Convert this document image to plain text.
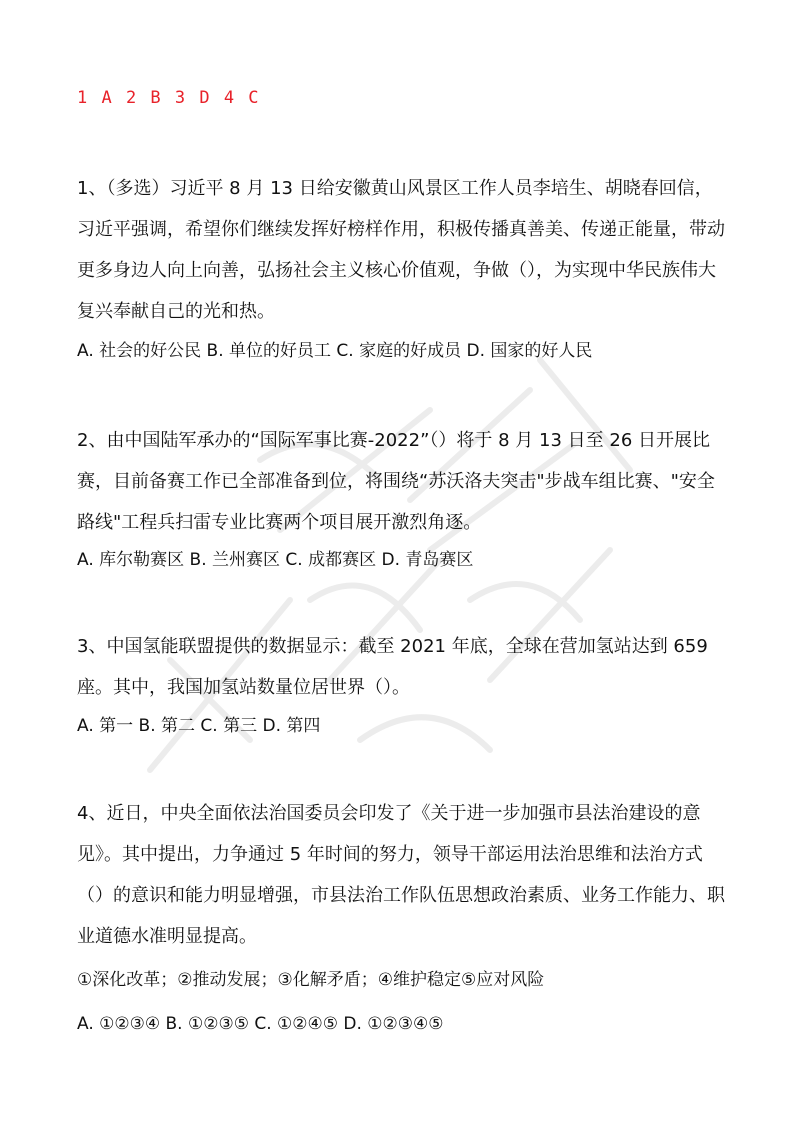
1 A 2 B 3 D 4 C

1、（多选）习近平 8 月 13 日给安徽黄山风景区工作人员李培生、胡晓春回信，习近平强调，希望你们继续发挥好榜样作用，积极传播真善美、传递正能量，带动更多身边人向上向善，弘扬社会主义核心价值观，争做（），为实现中华民族伟大复兴奉献自己的光和热。

A. 社会的好公民 B. 单位的好员工 C. 家庭的好成员 D. 国家的好人民

2、由中国陆军承办的“国际军事比赛-2022”（）将于 8 月 13 日至 26 日开展比赛，目前备赛工作已全部准备到位，将围绕“苏沃洛夫突击"步战车组比赛、"安全路线"工程兵扫雷专业比赛两个项目展开激烈角逐。

A. 库尔勒赛区 B. 兰州赛区 C. 成都赛区 D. 青岛赛区

3、中国氢能联盟提供的数据显示：截至 2021 年底，全球在营加氢站达到 659 座。其中，我国加氢站数量位居世界（）。

A. 第一 B. 第二 C. 第三 D. 第四

4、近日，中央全面依法治国委员会印发了《关于进一步加强市县法治建设的意见》。其中提出，力争通过 5 年时间的努力，领导干部运用法治思维和法治方式（）的意识和能力明显增强，市县法治工作队伍思想政治素质、业务工作能力、职业道德水准明显提高。

①深化改革；②推动发展；③化解矛盾；④维护稳定⑤应对风险

A. ①②③④ B. ①②③⑤ C. ①②④⑤ D. ①②③④⑤
